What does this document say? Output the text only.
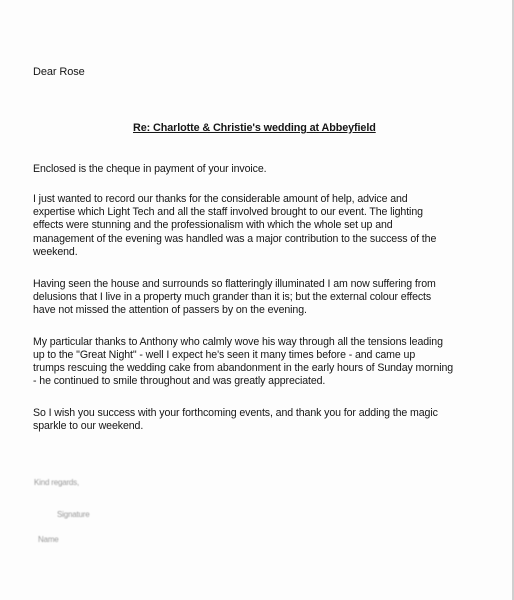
Dear Rose
Re: Charlotte & Christie's wedding at Abbeyfield
Enclosed is the cheque in payment of your invoice.
I just wanted to record our thanks for the considerable amount of help, advice and
expertise which Light Tech and all the staff involved brought to our event. The lighting
effects were stunning and the professionalism with which the whole set up and
management of the evening was handled was a major contribution to the success of the
weekend.
Having seen the house and surrounds so flatteringly illuminated I am now suffering from
delusions that I live in a property much grander than it is; but the external colour effects
have not missed the attention of passers by on the evening.
My particular thanks to Anthony who calmly wove his way through all the tensions leading
up to the "Great Night" - well I expect he's seen it many times before - and came up
trumps rescuing the wedding cake from abandonment in the early hours of Sunday morning
- he continued to smile throughout and was greatly appreciated.
So I wish you success with your forthcoming events, and thank you for adding the magic
sparkle to our weekend.
Kind regards,
Signature
Name
